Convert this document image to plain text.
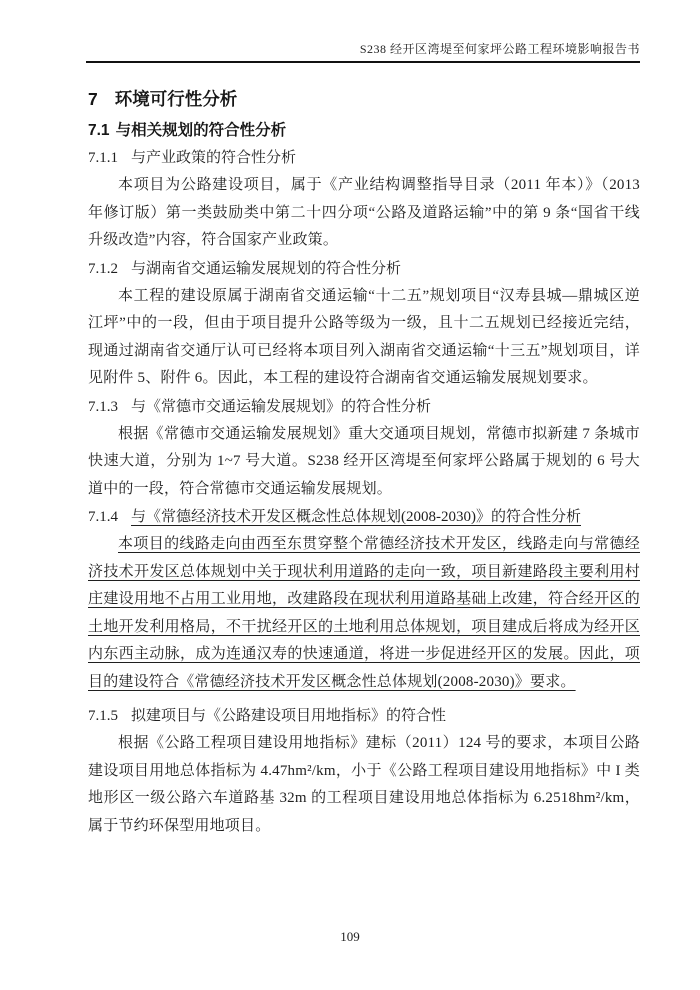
S238 经开区湾堤至何家坪公路工程环境影响报告书
7 环境可行性分析
7.1 与相关规划的符合性分析
7.1.1 与产业政策的符合性分析

本项目为公路建设项目，属于《产业结构调整指导目录（2011 年本）》（2013 年修订版）第一类鼓励类中第二十四分项“公路及道路运输”中的第 9 条“国省干线升级改造”内容，符合国家产业政策。

7.1.2 与湖南省交通运输发展规划的符合性分析

本工程的建设原属于湖南省交通运输“十二五”规划项目“汉寿县城—鼎城区逆江坪”中的一段，但由于项目提升公路等级为一级，且十二五规划已经接近完结，现通过湖南省交通厅认可已经将本项目列入湖南省交通运输“十三五”规划项目，详见附件 5、附件 6。因此，本工程的建设符合湖南省交通运输发展规划要求。

7.1.3 与《常德市交通运输发展规划》的符合性分析

根据《常德市交通运输发展规划》重大交通项目规划，常德市拟新建 7 条城市快速大道，分别为 1~7 号大道。S238 经开区湾堤至何家坪公路属于规划的 6 号大道中的一段，符合常德市交通运输发展规划。

7.1.4 与《常德经济技术开发区概念性总体规划(2008-2030)》的符合性分析

本项目的线路走向由西至东贯穿整个常德经济技术开发区，线路走向与常德经济技术开发区总体规划中关于现状利用道路的走向一致，项目新建路段主要利用村庄建设用地不占用工业用地，改建路段在现状利用道路基础上改建，符合经开区的土地开发利用格局，不干扰经开区的土地利用总体规划，项目建成后将成为经开区内东西主动脉，成为连通汉寿的快速通道，将进一步促进经开区的发展。因此，项目的建设符合《常德经济技术开发区概念性总体规划(2008-2030)》要求。

7.1.5 拟建项目与《公路建设项目用地指标》的符合性

根据《公路工程项目建设用地指标》建标（2011）124 号的要求，本项目公路建设项目用地总体指标为 4.47hm²/km，小于《公路工程项目建设用地指标》中 I 类地形区一级公路六车道路基 32m 的工程项目建设用地总体指标为 6.2518hm²/km，属于节约环保型用地项目。

109
